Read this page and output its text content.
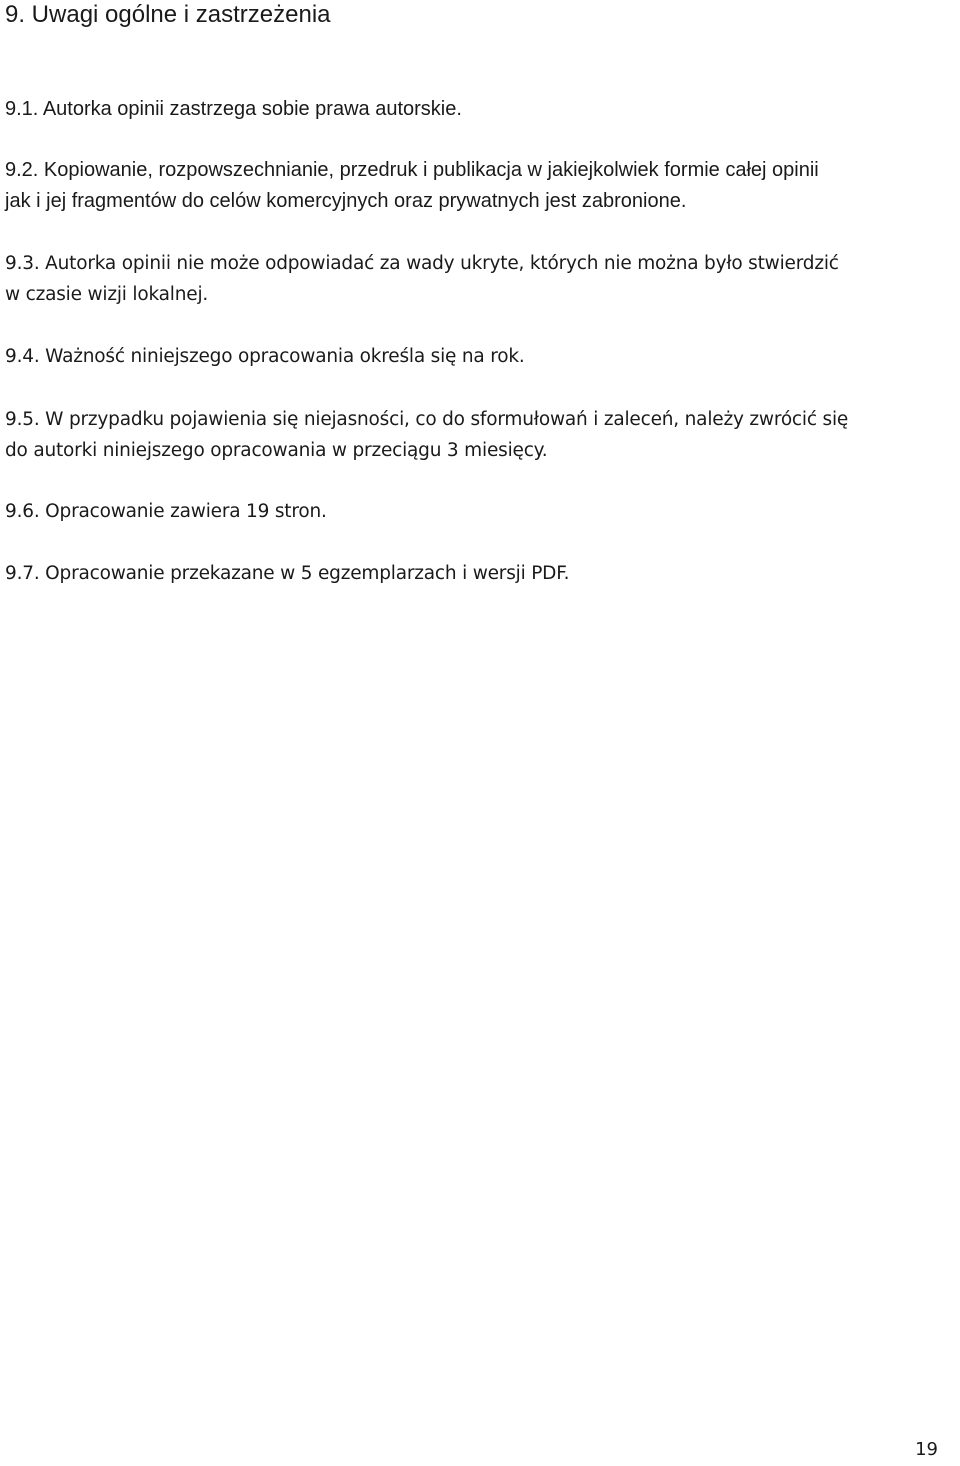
9. Uwagi ogólne i zastrzeżenia

9.1. Autorka opinii zastrzega sobie prawa autorskie.

9.2. Kopiowanie, rozpowszechnianie, przedruk i publikacja w jakiejkolwiek formie całej opinii
jak i jej fragmentów do celów komercyjnych oraz prywatnych jest zabronione.

9.3. Autorka opinii nie może odpowiadać za wady ukryte, których nie można było stwierdzić
w czasie wizji lokalnej.

9.4. Ważność niniejszego opracowania określa się na rok.

9.5. W przypadku pojawienia się niejasności, co do sformułowań i zaleceń, należy zwrócić się
do autorki niniejszego opracowania w przeciągu 3 miesięcy.

9.6. Opracowanie zawiera 19 stron.

9.7. Opracowanie przekazane w 5 egzemplarzach i wersji PDF.

19
